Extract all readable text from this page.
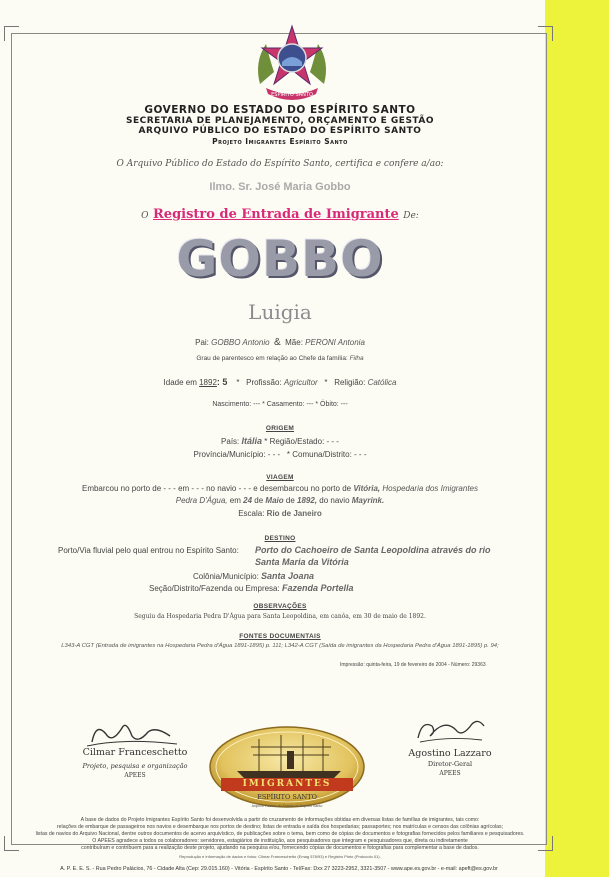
ESPÍRITO SANTO
GOVERNO DO ESTADO DO ESPÍRITO SANTO
SECRETARIA DE PLANEJAMENTO, ORÇAMENTO E GESTÃO
ARQUIVO PÚBLICO DO ESTADO DO ESPÍRITO SANTO
Projeto Imigrantes Espírito Santo
O Arquivo Público do Estado do Espírito Santo, certifica e confere a/ao:
Ilmo. Sr. José Maria Gobbo
O Registro de Entrada de Imigrante De:
GOBBO
Luigia
Pai: GOBBO Antonio & Mãe: PERONI Antonia
Grau de parentesco em relação ao Chefe da família: Filha
Idade em 1892: 5 * Profissão: Agricultor * Religião: Católica
Nascimento: --- * Casamento: --- * Óbito: ---
ORIGEM
País: Itália * Região/Estado: - - -
Província/Município: - - - * Comuna/Distrito: - - -
VIAGEM
Embarcou no porto de - - - em - - - no navio - - - e desembarcou no porto de Vitória, Hospedaria dos Imigrantes
Pedra D'Água, em 24 de Maio de 1892, do navio Mayrink.
Escala: Rio de Janeiro
DESTINO
Porto/Via fluvial pelo qual entrou no Espírito Santo: Porto do Cachoeiro de Santa Leopoldina através do rio
Santa Maria da Vitória
Colônia/Município: Santa Joana
Seção/Distrito/Fazenda ou Empresa: Fazenda Portella
OBSERVAÇÕES
Seguiu da Hospedaria Pedra D'Água para Santa Leopoldina, em canôa, em 30 de maio de 1892.
FONTES DOCUMENTAIS
L343-A CGT (Entrada de imigrantes na Hospedaria Pedra d'Água 1891-1895) p. 111; L342-A CGT (Saída de imigrantes da Hospedaria Pedra d'Água 1891-1895) p. 94;
Impressão: quinta-feira, 19 de fevereiro de 2004 - Número: 29363
Cilmar Franceschetto
Projeto, pesquisa e organização
APEES
Agostino Lazzaro
Diretor-Geral
APEES
IMIGRANTES
ESPÍRITO SANTO
Arquivo Público do Estado do Espírito Santo
A base de dados do Projeto Imigrantes Espírito Santo foi desenvolvida a partir do cruzamento de informações obtidas em diversas listas de famílias de imigrantes, tais como:
relações de embarque de passageiros nos navios e desembarque nos portos de destino; listas de entrada e saída dos hospedarias; passaportes; nos matrículas e censos das colônias agrícolas;
listas de navios do Arquivo Nacional, dentre outros documentos de acervo arquivístico, de publicações sobre o tema, bem como de cópias de documentos e fotografias fornecidos pelos familiares e pesquisadores.
O APEES agradece a todos os colaboradores: servidores, estagiários de instituição, aos pesquisadores que integram e pesquisadores que, direta ou indiretamente
contribuíram e contribuem para a realização deste projeto, ajudando na pesquisa e/ou, fornecendo cópias de documentos e fotografias para complementar a base de dados.
Reprodução e informação de dados e fotos: Cilmar Franceschetto (Emag 578/93) e Registro Pinto (Protocolo 01).
A. P. E. E. S. - Rua Pedro Palácios, 76 - Cidade Alta (Cep: 29.015.160) - Vitória - Espírito Santo - Tel/Fax: Dxx 27 3223-2952, 3321-3507 - www.ape.es.gov.br - e-mail: apeft@es.gov.br
